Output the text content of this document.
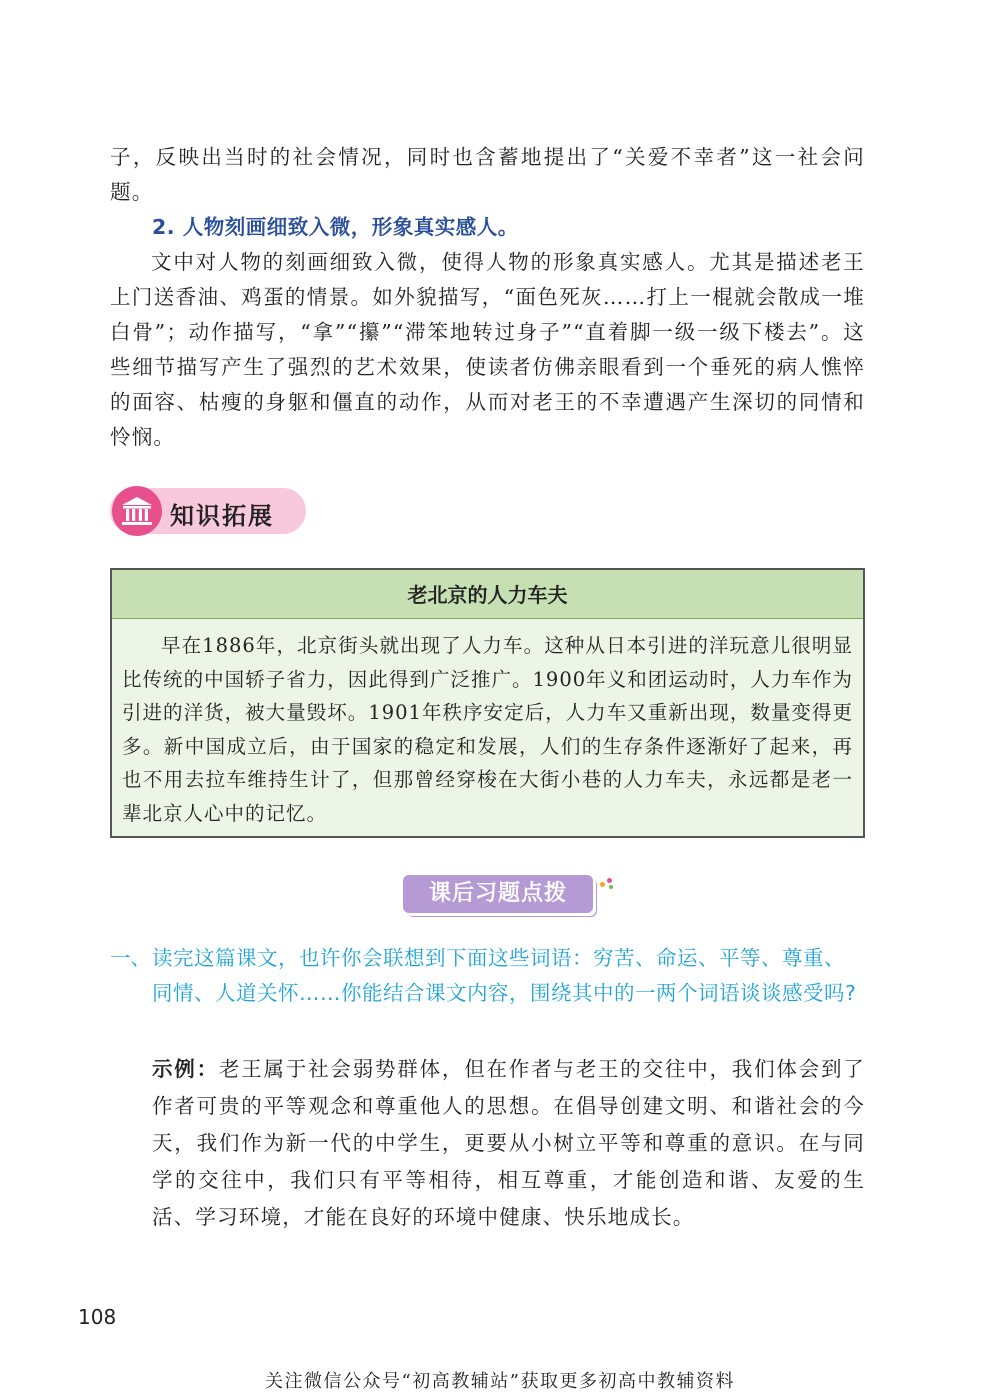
子，反映出当时的社会情况，同时也含蓄地提出了“关爱不幸者”这一社会问题。

2. 人物刻画细致入微，形象真实感人。

文中对人物的刻画细致入微，使得人物的形象真实感人。尤其是描述老王上门送香油、鸡蛋的情景。如外貌描写，“面色死灰……打上一棍就会散成一堆白骨”；动作描写，“拿”“攥”“滞笨地转过身子”“直着脚一级一级下楼去”。这些细节描写产生了强烈的艺术效果，使读者仿佛亲眼看到一个垂死的病人憔悴的面容、枯瘦的身躯和僵直的动作，从而对老王的不幸遭遇产生深切的同情和怜悯。

知识拓展
老北京的人力车夫
早在1886年，北京街头就出现了人力车。这种从日本引进的洋玩意儿很明显比传统的中国轿子省力，因此得到广泛推广。1900年义和团运动时，人力车作为引进的洋货，被大量毁坏。1901年秩序安定后，人力车又重新出现，数量变得更多。新中国成立后，由于国家的稳定和发展，人们的生存条件逐渐好了起来，再也不用去拉车维持生计了，但那曾经穿梭在大街小巷的人力车夫，永远都是老一辈北京人心中的记忆。
课后习题点拨
一、 读完这篇课文，也许你会联想到下面这些词语：穷苦、命运、平等、尊重、同情、人道关怀……你能结合课文内容，围绕其中的一两个词语谈谈感受吗?

示例：老王属于社会弱势群体，但在作者与老王的交往中，我们体会到了作者可贵的平等观念和尊重他人的思想。在倡导创建文明、和谐社会的今天，我们作为新一代的中学生，更要从小树立平等和尊重的意识。在与同学的交往中，我们只有平等相待，相互尊重，才能创造和谐、友爱的生活、学习环境，才能在良好的环境中健康、快乐地成长。

108
关注微信公众号“初高教辅站”获取更多初高中教辅资料
